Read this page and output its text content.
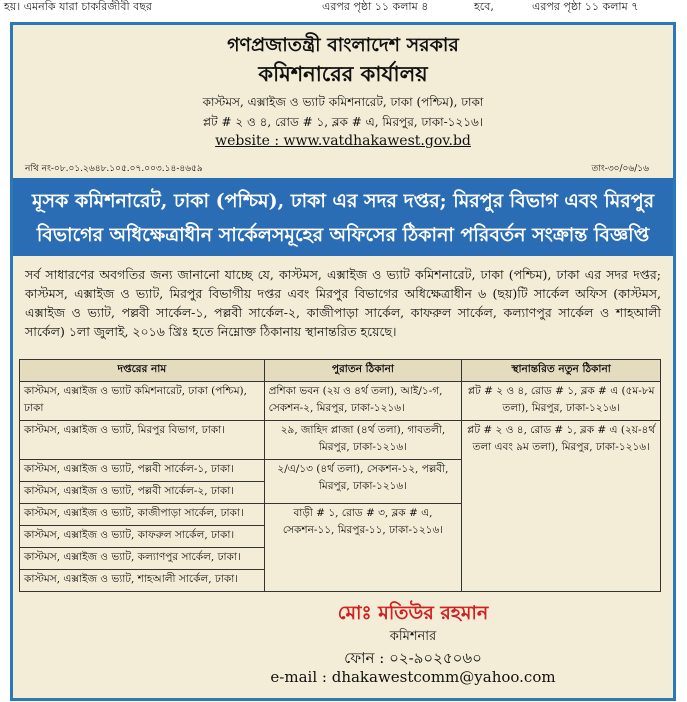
হয়। এমনকি যারা চাকরিজীবী বছর	এরপর পৃষ্ঠা ১১ কলাম ৪	হবে,	এরপর পৃষ্ঠা ১১ কলাম ৭
গণপ্রজাতন্ত্রী বাংলাদেশ সরকার
কমিশনারের কার্যালয়
কাস্টমস, এক্সাইজ ও ভ্যাট কমিশনারেট, ঢাকা (পশ্চিম), ঢাকা
প্লট # ২ ও ৪, রোড # ১, ব্লক # এ, মিরপুর, ঢাকা-১২১৬।
website : www.vatdhakawest.gov.bd
নথি নং-০৮.০১.২৬৪৮.১০৫.০৭.০০৩.১৪-৪৬৫৯	তাং-৩০/০৬/১৬
মূসক কমিশনারেট, ঢাকা (পশ্চিম), ঢাকা এর সদর দপ্তর; মিরপুর বিভাগ এবং মিরপুর
বিভাগের অধিক্ষেত্রাধীন সার্কেলসমূহের অফিসের ঠিকানা পরিবর্তন সংক্রান্ত বিজ্ঞপ্তি
সর্ব সাধারণের অবগতির জন্য জানানো যাচ্ছে যে, কাস্টমস, এক্সাইজ ও ভ্যাট কমিশনারেট, ঢাকা (পশ্চিম), ঢাকা এর সদর দপ্তর; কাস্টমস, এক্সাইজ ও ভ্যাট, মিরপুর বিভাগীয় দপ্তর এবং মিরপুর বিভাগের অধিক্ষেত্রাধীন ৬ (ছয়)টি সার্কেল অফিস (কাস্টমস, এক্সাইজ ও ভ্যাট, পল্লবী সার্কেল-১, পল্লবী সার্কেল-২, কাজীপাড়া সার্কেল, কাফরুল সার্কেল, কল্যাণপুর সার্কেল ও শাহআলী সার্কেল) ১লা জুলাই, ২০১৬ খ্রিঃ হতে নিম্নোক্ত ঠিকানায় স্থানান্তরিত হয়েছে।
দপ্তরের নাম	পুরাতন ঠিকানা	স্থানান্তরিত নতুন ঠিকানা
কাস্টমস, এক্সাইজ ও ভ্যাট কমিশনারেট, ঢাকা (পশ্চিম), ঢাকা	প্রশিকা ভবন (২য় ও ৪র্থ তলা), আই/১-গ, সেকশন-২, মিরপুর, ঢাকা-১২১৬।	প্লট # ২ ও ৪, রোড # ১, ব্লক # এ (৫ম-৮ম তলা), মিরপুর, ঢাকা-১২১৬।
কাস্টমস, এক্সাইজ ও ভ্যাট, মিরপুর বিভাগ, ঢাকা।	২৯, জাহিদ প্লাজা (৪র্থ তলা), গাবতলী, মিরপুর, ঢাকা-১২১৬।	প্লট # ২ ও ৪, রোড # ১, ব্লক # এ (২য়-৪র্থ তলা এবং ৯ম তলা), মিরপুর, ঢাকা-১২১৬।
কাস্টমস, এক্সাইজ ও ভ্যাট, পল্লবী সার্কেল-১, ঢাকা।	২/এ/১৩ (৪র্থ তলা), সেকশন-১২, পল্লবী, মিরপুর, ঢাকা-১২১৬।	
কাস্টমস, এক্সাইজ ও ভ্যাট, পল্লবী সার্কেল-২, ঢাকা।		
কাস্টমস, এক্সাইজ ও ভ্যাট, কাজীপাড়া সার্কেল, ঢাকা।	বাড়ী # ১, রোড # ৩, ব্লক # এ, সেকশন-১১, মিরপুর-১১, ঢাকা-১২১৬।	
কাস্টমস, এক্সাইজ ও ভ্যাট, কাফরুল সার্কেল, ঢাকা।		
কাস্টমস, এক্সাইজ ও ভ্যাট, কল্যাণপুর সার্কেল, ঢাকা।		
কাস্টমস, এক্সাইজ ও ভ্যাট, শাহআলী সার্কেল, ঢাকা।		
মোঃ মতিউর রহমান
কমিশনার
ফোন : ০২-৯০২৫০৬০
e-mail : dhakawestcomm@yahoo.com
